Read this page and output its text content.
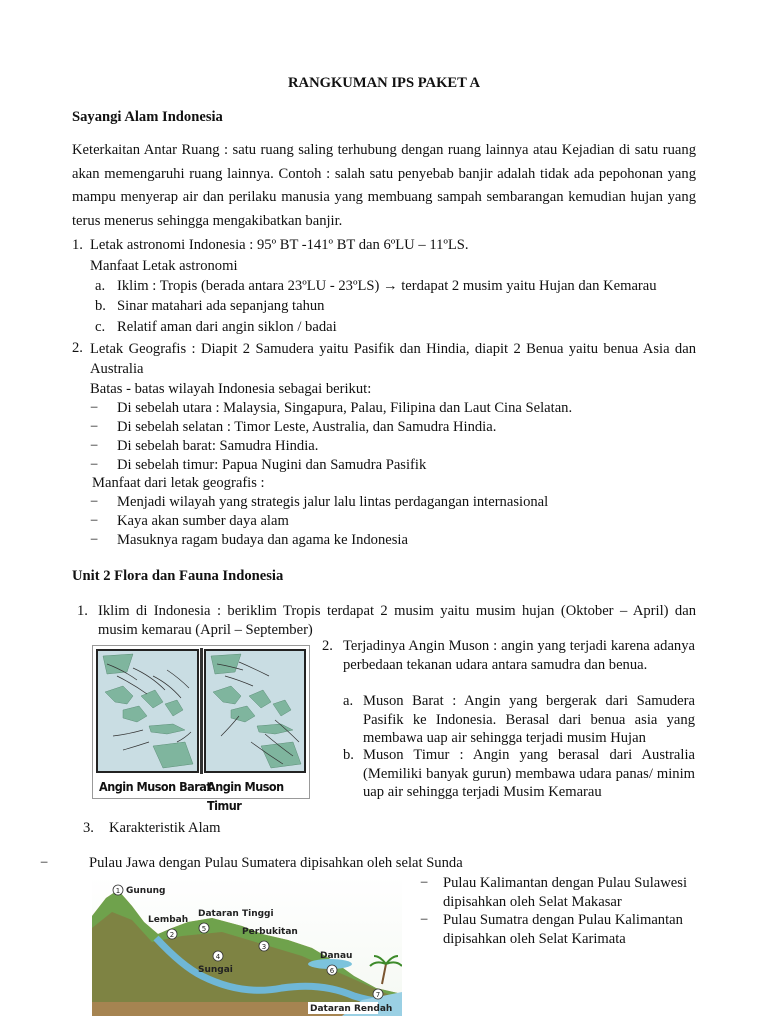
RANGKUMAN IPS PAKET A
Sayangi Alam Indonesia
Keterkaitan Antar Ruang : satu ruang saling terhubung dengan ruang lainnya atau Kejadian di satu ruang akan memengaruhi ruang lainnya. Contoh : salah satu penyebab banjir adalah tidak ada pepohonan yang mampu menyerap air dan perilaku manusia yang membuang sampah sembarangan kemudian hujan yang terus menerus sehingga mengakibatkan banjir.
1. Letak astronomi Indonesia : 95º BT -141º BT dan 6ºLU – 11ºLS.
Manfaat Letak astronomi
a. Iklim : Tropis (berada antara 23ºLU - 23ºLS) → terdapat 2 musim yaitu Hujan dan Kemarau
b. Sinar matahari ada sepanjang tahun
c. Relatif aman dari angin siklon / badai
2. Letak Geografis : Diapit 2 Samudera yaitu Pasifik dan Hindia, diapit 2 Benua yaitu benua Asia dan Australia
Batas - batas wilayah Indonesia sebagai berikut:
− Di sebelah utara : Malaysia, Singapura, Palau, Filipina dan Laut Cina Selatan.
− Di sebelah selatan : Timor Leste, Australia, dan Samudra Hindia.
− Di sebelah barat: Samudra Hindia.
− Di sebelah timur: Papua Nugini dan Samudra Pasifik
Manfaat dari letak geografis :
− Menjadi wilayah yang strategis jalur lalu lintas perdagangan internasional
− Kaya akan sumber daya alam
− Masuknya ragam budaya dan agama ke Indonesia
Unit 2 Flora dan Fauna Indonesia
1. Iklim di Indonesia : beriklim Tropis terdapat 2 musim yaitu musim hujan (Oktober – April) dan musim kemarau (April – September)
Angin Muson Barat
Angin Muson Timur
2. Terjadinya Angin Muson : angin yang terjadi karena adanya perbedaan tekanan udara antara samudra dan benua.
a. Muson Barat : Angin yang bergerak dari Samudera Pasifik ke Indonesia. Berasal dari benua asia yang membawa uap air sehingga terjadi musim Hujan
b. Muson Timur : Angin yang berasal dari Australia (Memiliki banyak gurun) membawa udara panas/ minim uap air sehingga terjadi Musim Kemarau
3. Karakteristik Alam
−	Pulau Jawa dengan Pulau Sumatera dipisahkan oleh selat Sunda
− Pulau Kalimantan dengan Pulau Sulawesi dipisahkan oleh Selat Makasar
− Pulau Sumatra dengan Pulau Kalimantan dipisahkan oleh Selat Karimata
1
2
5
3
4
6
7
Gunung
Lembah
Dataran Tinggi
Perbukitan
Sungai
Danau
Dataran Rendah
